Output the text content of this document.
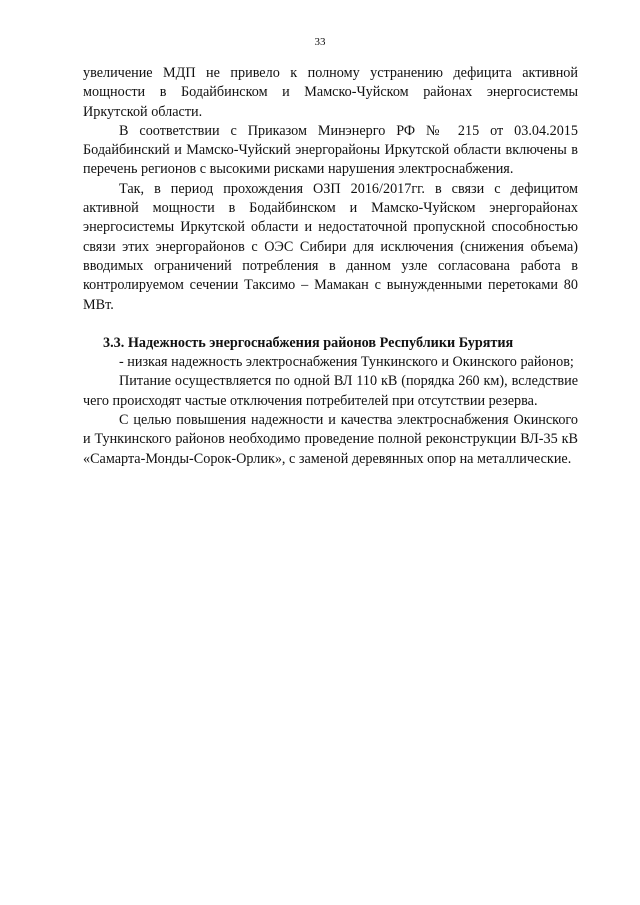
33

увеличение МДП не привело к полному устранению дефицита активной мощности в Бодайбинском и Мамско-Чуйском районах энергосистемы Иркутской области.

В соответствии с Приказом Минэнерго РФ № 215 от 03.04.2015 Бодайбинский и Мамско-Чуйский энергорайоны Иркутской области включены в перечень регионов с высокими рисками нарушения электроснабжения.

Так, в период прохождения ОЗП 2016/2017гг. в связи с дефицитом активной мощности в Бодайбинском и Мамско-Чуйском энергорайонах энергосистемы Иркутской области и недостаточной пропускной способностью связи этих энергорайонов с ОЭС Сибири для исключения (снижения объема) вводимых ограничений потребления в данном узле согласована работа в контролируемом сечении Таксимо – Мамакан с вынужденными перетоками 80 МВт.

3.3. Надежность энергоснабжения районов Республики Бурятия

- низкая надежность электроснабжения Тункинского и Окинского районов;

Питание осуществляется по одной ВЛ 110 кВ (порядка 260 км), вследствие чего происходят частые отключения потребителей при отсутствии резерва.

С целью повышения надежности и качества электроснабжения Окинского и Тункинского районов необходимо проведение полной реконструкции ВЛ-35 кВ «Самарта-Монды-Сорок-Орлик», с заменой деревянных опор на металлические.
